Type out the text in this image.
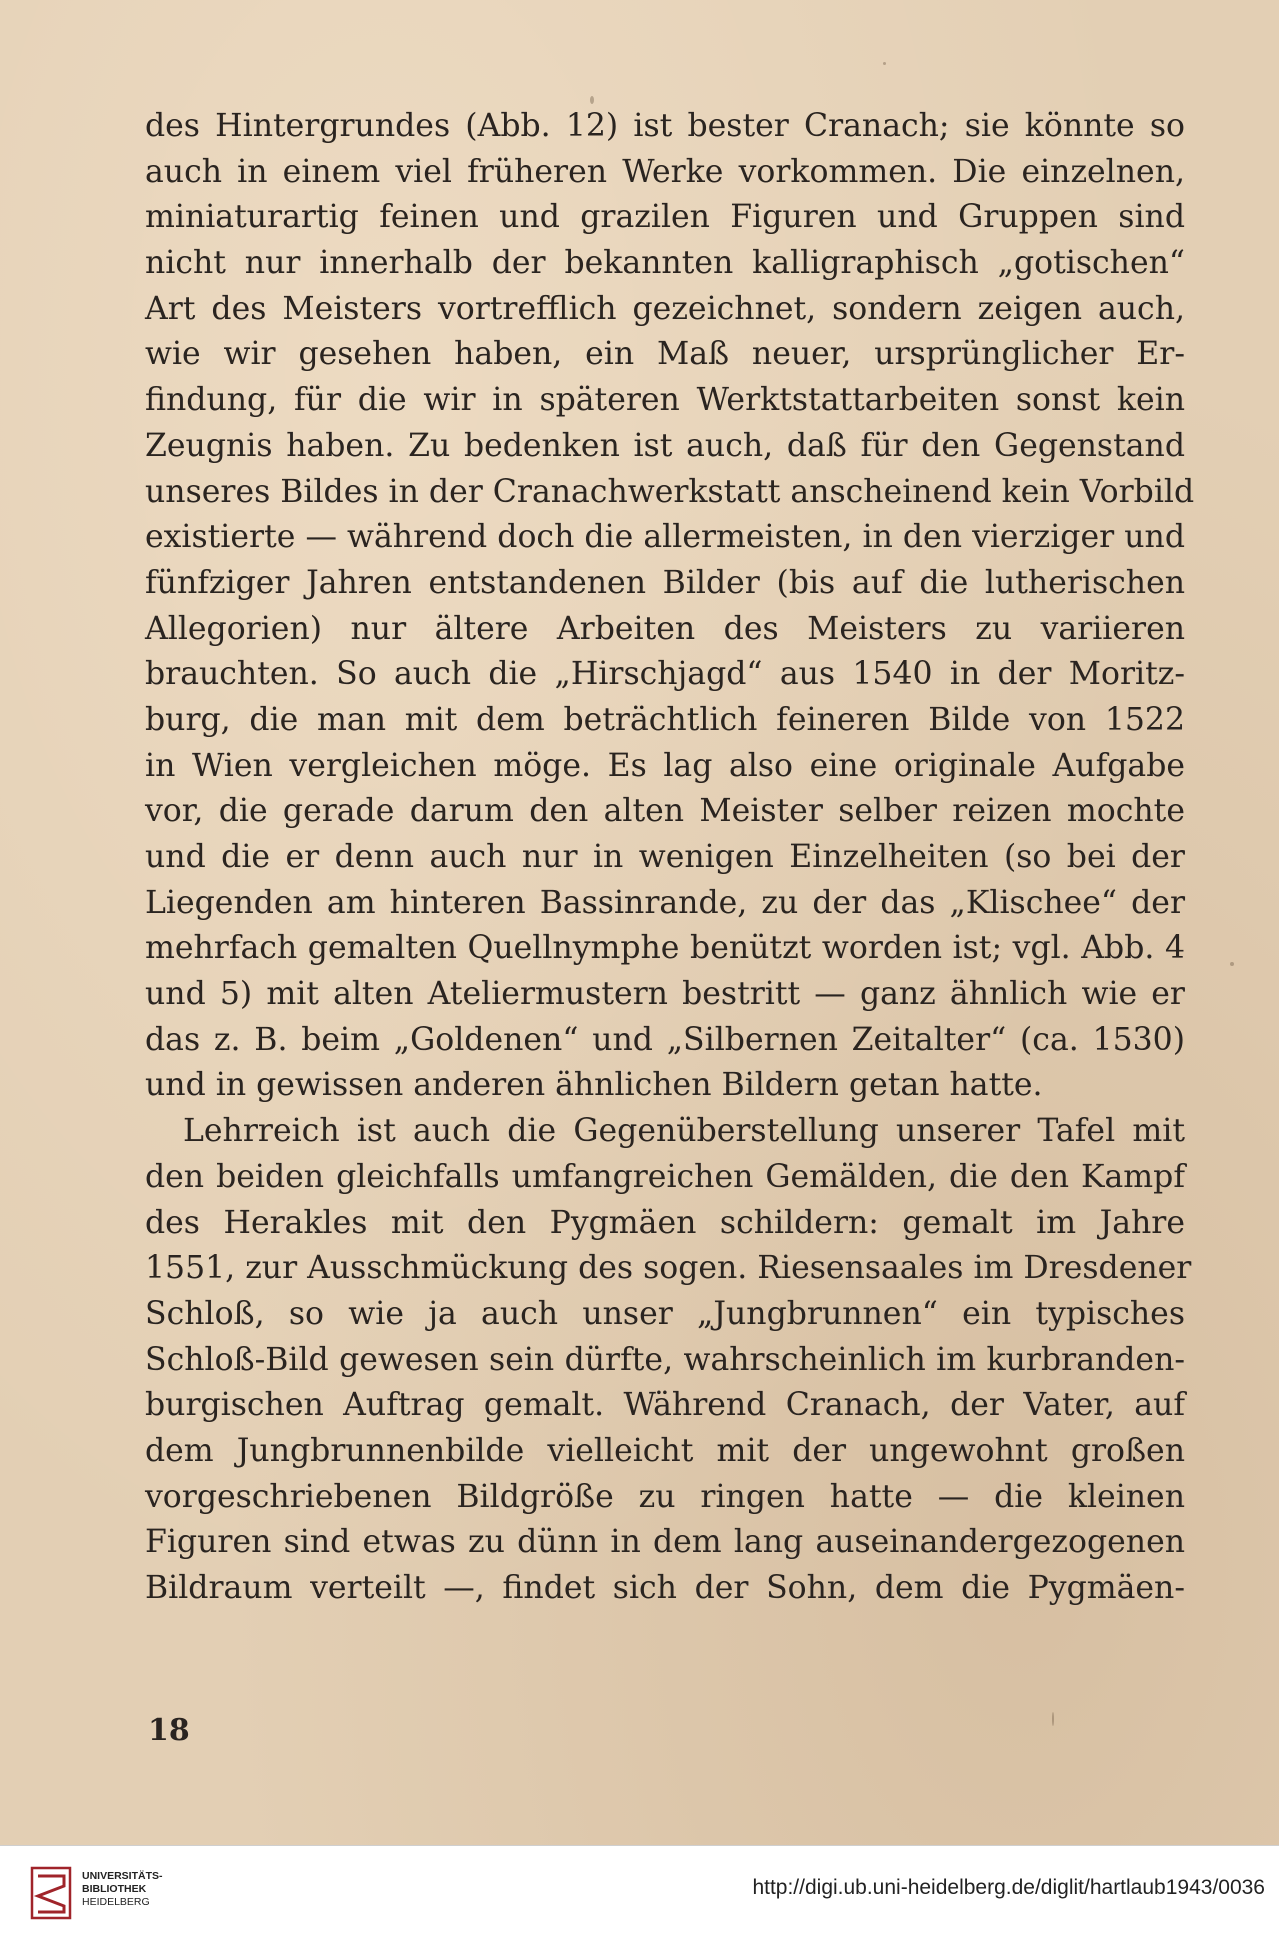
des Hintergrundes (Abb. 12) ist bester Cranach; sie könnte so
auch in einem viel früheren Werke vorkommen. Die einzelnen,
miniaturartig feinen und grazilen Figuren und Gruppen sind
nicht nur innerhalb der bekannten kalligraphisch „gotischen“
Art des Meisters vortrefflich gezeichnet, sondern zeigen auch,
wie wir gesehen haben, ein Maß neuer, ursprünglicher Er-
findung, für die wir in späteren Werktstattarbeiten sonst kein
Zeugnis haben. Zu bedenken ist auch, daß für den Gegenstand
unseres Bildes in der Cranachwerkstatt anscheinend kein Vorbild
existierte — während doch die allermeisten, in den vierziger und
fünfziger Jahren entstandenen Bilder (bis auf die lutherischen
Allegorien) nur ältere Arbeiten des Meisters zu variieren
brauchten. So auch die „Hirschjagd“ aus 1540 in der Moritz-
burg, die man mit dem beträchtlich feineren Bilde von 1522
in Wien vergleichen möge. Es lag also eine originale Aufgabe
vor, die gerade darum den alten Meister selber reizen mochte
und die er denn auch nur in wenigen Einzelheiten (so bei der
Liegenden am hinteren Bassinrande, zu der das „Klischee“ der
mehrfach gemalten Quellnymphe benützt worden ist; vgl. Abb. 4
und 5) mit alten Ateliermustern bestritt — ganz ähnlich wie er
das z. B. beim „Goldenen“ und „Silbernen Zeitalter“ (ca. 1530)
und in gewissen anderen ähnlichen Bildern getan hatte.
Lehrreich ist auch die Gegenüberstellung unserer Tafel mit
den beiden gleichfalls umfangreichen Gemälden, die den Kampf
des Herakles mit den Pygmäen schildern: gemalt im Jahre
1551, zur Ausschmückung des sogen. Riesensaales im Dresdener
Schloß, so wie ja auch unser „Jungbrunnen“ ein typisches
Schloß-Bild gewesen sein dürfte, wahrscheinlich im kurbranden-
burgischen Auftrag gemalt. Während Cranach, der Vater, auf
dem Jungbrunnenbilde vielleicht mit der ungewohnt großen
vorgeschriebenen Bildgröße zu ringen hatte — die kleinen
Figuren sind etwas zu dünn in dem lang auseinandergezogenen
Bildraum verteilt —, findet sich der Sohn, dem die Pygmäen-
18
UNIVERSITÄTS-
BIBLIOTHEK
HEIDELBERG
http://digi.ub.uni-heidelberg.de/diglit/hartlaub1943/0036
